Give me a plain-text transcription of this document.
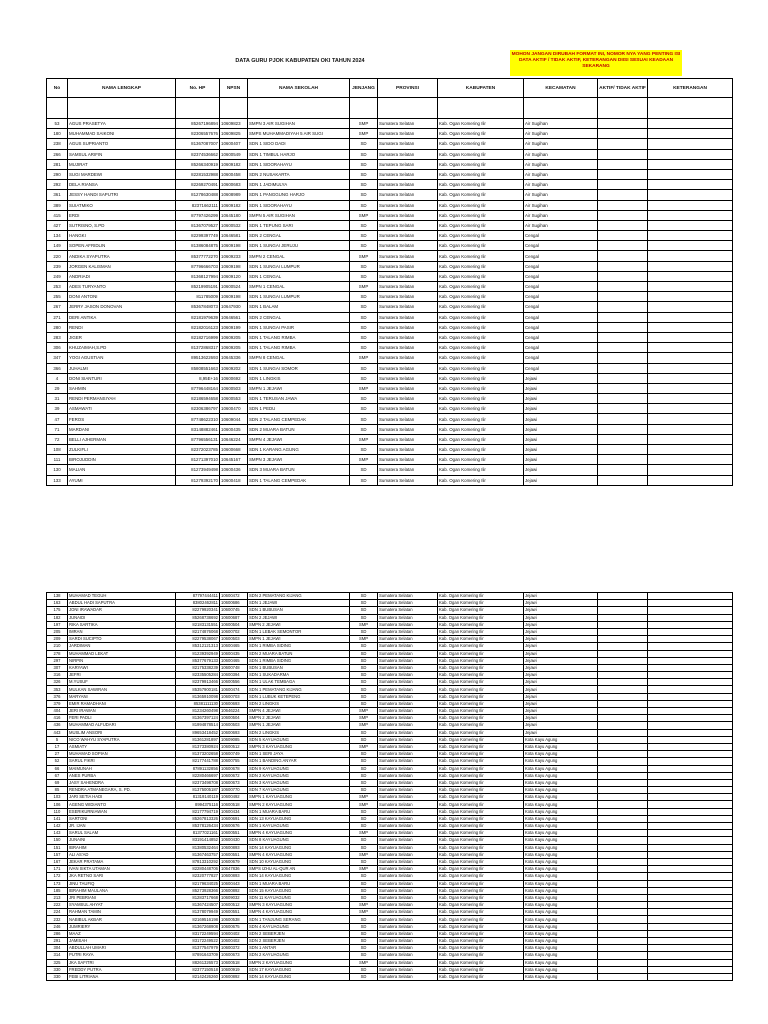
DATA GURU PJOK KABUPATEN OKI TAHUN 2024
MOHON JANGAN DIRUBAH FORMAT INI, NOMOR NYA YANG PENTING ISI DATA AKTIF / TIDAK AKTIF, KETERANGAN DIISI SESUAI KEADAAN SEKARANG
No	NAMA LENGKAP	No. HP	NPSN	NAMA SEKOLAH	JENJANG	PROVINSI	KABUPATEN	KECAMATAN	AKTIF/ TIDAK AKTIF	KETERANGAN

53	AGUS PRASETYA	85267196894	10609823	SMPN 3 AIR SUGIHAN	SMP	Sumatera Selatan	Kab. Ogan Komering Ilir	Air Sugihan		
180	MUHAMMAD SAIKONI	82306557676	10609825	SMPS MUHAMMADIYAH 5 AIR SUGI	SMP	Sumatera Selatan	Kab. Ogan Komering Ilir	Air Sugihan		
238	AGUS SUPRIANTO	81367087007	10600407	SDN 1 SIDO DADI	SD	Sumatera Selatan	Kab. Ogan Komering Ilir	Air Sugihan		
266	SAMSUL ARIFIN	82374536662	10600549	SDN 1 TIMBUL HARJO	SD	Sumatera Selatan	Kab. Ogan Komering Ilir	Air Sugihan		
281	MUJIRAT	85266340919	10609182	SDN 1 SIDORAHAYU	SD	Sumatera Selatan	Kab. Ogan Komering Ilir	Air Sugihan		
290	SUGI MARDEWI	82281532988	10600458	SDN 2 NUSAKARTA	SD	Sumatera Selatan	Kab. Ogan Komering Ilir	Air Sugihan		
292	DELA RIANSA	82269270491	10600683	SDN 1 JADIMULYA	SD	Sumatera Selatan	Kab. Ogan Komering Ilir	Air Sugihan		
361	JESSY HANDI SAPUTRI	81278630488	10608989	SDN 1 PANGGUNG HARJO	SD	Sumatera Selatan	Kab. Ogan Komering Ilir	Air Sugihan		
389	SUIATMIKO	82371662111	10609182	SDN 1 SIDORAHAYU	SD	Sumatera Selatan	Kab. Ogan Komering Ilir	Air Sugihan		
415	ERDI	87797426299	10645180	SMPN 5 AIR SUGIHAN	SMP	Sumatera Selatan	Kab. Ogan Komering Ilir	Air Sugihan		
427	SUTRISNO, S.PD	81367079527	10600532	SDN 1 TEPUNG SARI	SD	Sumatera Selatan	Kab. Ogan Komering Ilir	Air Sugihan		
134	HANGKI	82299397749	10646581	SDN 2 CENGAL	SD	Sumatera Selatan	Kab. Ogan Komering Ilir	Cengal		
149	SOPEN AFRIDLIN	81386084875	10609198	SDN 1 SUNGAI JERUJU	SD	Sumatera Selatan	Kab. Ogan Komering Ilir	Cengal		
220	ANDIKA SYAPUTRA	85377772270	10609233	SMPN 2 CENGAL	SMP	Sumatera Selatan	Kab. Ogan Komering Ilir	Cengal		
239	JORGEN KALISMAN	87796666703	10609198	SDN 1 SUNGAI LUMPUR	SD	Sumatera Selatan	Kab. Ogan Komering Ilir	Cengal		
249	ANDRIADI	81368127994	10609120	SDN 1 CENGAL	SD	Sumatera Selatan	Kab. Ogan Komering Ilir	Cengal		
253	ADES TURYANTO	85219905191	10600524	SMPN 1 CENGAL	SMP	Sumatera Selatan	Kab. Ogan Komering Ilir	Cengal		
255	DONI ANTONI	811785009	10609198	SDN 1 SUNGAI LUMPUR	SD	Sumatera Selatan	Kab. Ogan Komering Ilir	Cengal		
267	JERRY JASON DONOVAN	85367848073	10647930	SDN 1 BALAM	SD	Sumatera Selatan	Kab. Ogan Komering Ilir	Cengal		
271	DERI ANTIKA	82181979639	10646561	SDN 2 CENGAL	SD	Sumatera Selatan	Kab. Ogan Komering Ilir	Cengal		
280	RENDI	82182016123	10609199	SDN 1 SUNGAI PASIR	SD	Sumatera Selatan	Kab. Ogan Komering Ilir	Cengal		
283	JIGER	82182716999	10609205	SDN 1 TALANG RIMBA	SD	Sumatera Selatan	Kab. Ogan Komering Ilir	Cengal		
306	KHUZAIMAH,S.PD	81372868317	10609205	SDN 1 TALANG RIMBA	SD	Sumatera Selatan	Kab. Ogan Komering Ilir	Cengal		
347	YOGI AGUSTIAN	89513622693	10645336	SMPN 8 CENGAL	SMP	Sumatera Selatan	Kab. Ogan Komering Ilir	Cengal		
366	JUHALMI	85808551663	10609202	SDN 1 SUNGAI SOMOR	SD	Sumatera Selatan	Kab. Ogan Komering Ilir	Cengal		
4	DONI SIANTURI	8,95E+16	10600692	SDN 1 LINGKIS	SD	Sumatera Selatan	Kab. Ogan Komering Ilir	Jejawi		
29	SAHMIN	87796448164	10600503	SMPN 1 JEJAWI	SMP	Sumatera Selatan	Kab. Ogan Komering Ilir	Jejawi		
31	RENDI PERMANSIYAH	82186594658	10600553	SDN 1 TERUSAN JAWA	SD	Sumatera Selatan	Kab. Ogan Komering Ilir	Jejawi		
39	ASMAWATI	82306386797	10600470	SDN 1 PEDU	SD	Sumatera Selatan	Kab. Ogan Komering Ilir	Jejawi		
47	FEROS	87748622310	10609044	SDN 2 TALANG CEMPEDAK	SD	Sumatera Selatan	Kab. Ogan Komering Ilir	Jejawi		
71	MARDANI	83148882461	10600435	SDN 2 MUARA BATUN	SD	Sumatera Selatan	Kab. Ogan Komering Ilir	Jejawi		
72	BELLI AJHERMAN	87796556131	10646224	SMPN 4 JEJAWI	SMP	Sumatera Selatan	Kab. Ogan Komering Ilir	Jejawi		
108	ZULKIFLI	82372023785	10600668	SDN 1 KARANG AGUNG	SD	Sumatera Selatan	Kab. Ogan Komering Ilir	Jejawi		
111	BIROJUDDIN	81271397010	10645167	SMPN 3 JEJAWI	SMP	Sumatera Selatan	Kab. Ogan Komering Ilir	Jejawi		
130	MALIAN	81273949498	10600436	SDN 3 MUARA BATUN	SD	Sumatera Selatan	Kab. Ogan Komering Ilir	Jejawi		
133	AYUMI	81279392170	10600418	SDN 1 TALANG CEMPEDAK	SD	Sumatera Selatan	Kab. Ogan Komering Ilir	Jejawi		
138	MUHAMAD TEGUH	87797444411	10600472	SDN 2 PEMATANG KIJANG	SD	Sumatera Selatan	Kab. Ogan Komering Ilir	Jejawi		
163	ABDUL HADI SAPUTRA	83802462811	10600686	SDN 1 JEJAWI	SD	Sumatera Selatan	Kab. Ogan Komering Ilir	Jejawi		
175	JONI IRAWADAR	82279920341	10600745	SDN 1 BUBUSAN	SD	Sumatera Selatan	Kab. Ogan Komering Ilir	Jejawi		
182	JUNAIDI	85268738692	10600687	SDN 2 JEJAWI	SD	Sumatera Selatan	Kab. Ogan Komering Ilir	Jejawi		
197	RIKA SARTIKA	82183131551	10600504	SMPN 2 JEJAWI	SMP	Sumatera Selatan	Kab. Ogan Komering Ilir	Jejawi		
205	IMRAN	82174876068	10600702	SDN 1 LEBAK SEMONTOR	SD	Sumatera Selatan	Kab. Ogan Komering Ilir	Jejawi		
209	SARDI SUCIPTO	82279538067	10600503	SMPN 1 JEJAWI	SMP	Sumatera Selatan	Kab. Ogan Komering Ilir	Jejawi		
210	JARDIMAN	85312121313	10600465	SDN 1 RIMBA SIDING	SD	Sumatera Selatan	Kab. Ogan Komering Ilir	Jejawi		
278	MUHAMMAD LEKAT	81239392949	10600435	SDN 2 MUARA BATUN	SD	Sumatera Selatan	Kab. Ogan Komering Ilir	Jejawi		
297	NIRPIN	85377679133	10600465	SDN 1 RIMBA SIDING	SD	Sumatera Selatan	Kab. Ogan Komering Ilir	Jejawi		
307	KARYAWI	82175338239	10600748	SDN 1 BUBUSAN	SD	Sumatera Selatan	Kab. Ogan Komering Ilir	Jejawi		
316	JEFRI	82335505284	10600394	SDN 1 SUKADARMA	SD	Sumatera Selatan	Kab. Ogan Komering Ilir	Jejawi		
326	M.YUSUF	82379913466	10600556	SDN 1 ULAK TEMBAGA	SD	Sumatera Selatan	Kab. Ogan Komering Ilir	Jejawi		
353	MULKAN SAWIRAN	85357900181	10600474	SDN 1 PEMATANG KIJANG	SD	Sumatera Selatan	Kab. Ogan Komering Ilir	Jejawi		
376	MARYANI	81365910098	10600703	SDN 1 LUBUK KETEPENG	SD	Sumatera Selatan	Kab. Ogan Komering Ilir	Jejawi		
379	EMIR RAMADHANI	85381111130	10600693	SDN 2 LINGKIS	SD	Sumatera Selatan	Kab. Ogan Komering Ilir	Jejawi		
404	JERI IRAWAN	81234260498	10646224	SMPN 4 JEJAWI	SMP	Sumatera Selatan	Kab. Ogan Komering Ilir	Jejawi		
416	FERI PADLI	81367397124	10600504	SMPN 2 JEJAWI	SMP	Sumatera Selatan	Kab. Ogan Komering Ilir	Jejawi		
436	MUHAMMAD ALFUDARI	81994878514	10600503	SMPN 1 JEJAWI	SMP	Sumatera Selatan	Kab. Ogan Komering Ilir	Jejawi		
443	MUSLIM ANSORI	89653418452	10600693	SDN 2 LINGKIS	SD	Sumatera Selatan	Kab. Ogan Komering Ilir	Jejawi		
5	NICO WAHYU SYAPUTRA	81361281897	10609085	SDN 5 KAYUAGUNG	SD	Sumatera Selatan	Kab. Ogan Komering Ilir	Kota Kayu Agung		
17	ASMIATY	81373380924	10600512	SMPN 3 KAYUAGUNG	SMP	Sumatera Selatan	Kab. Ogan Komering Ilir	Kota Kayu Agung		
27	MUHAMAD SOPIAN	81373202658	10600749	SDN 1 SERI JAYA	SD	Sumatera Selatan	Kab. Ogan Komering Ilir	Kota Kayu Agung		
52	SARUL FIKRI	82177441788	10600755	SDN 1 BANDING ANYAR	SD	Sumatera Selatan	Kab. Ogan Komering Ilir	Kota Kayu Agung		
66	MAIMUNAH	87891132856	10600678	SDN 9 KAYUAGUNG	SD	Sumatera Selatan	Kab. Ogan Komering Ilir	Kota Kayu Agung		
67	ANES PURBA	82280466697	10600672	SDN 2 KAYUAGUNG	SD	Sumatera Selatan	Kab. Ogan Komering Ilir	Kota Kayu Agung		
69	JASY SAHENDRA	82373498708	10600673	SDN 3 KAYUAGUNG	SD	Sumatera Selatan	Kab. Ogan Komering Ilir	Kota Kayu Agung		
85	RENDRA ATMANEGARA, S. PD.	81375005187	10600770	SDN 7 KAYUAGUNG	SD	Sumatera Selatan	Kab. Ogan Komering Ilir	Kota Kayu Agung		
103	JARI SETIA HADI	81319140119	10600492	SMPN 1 KAYUAGUNG	SMP	Sumatera Selatan	Kab. Ogan Komering Ilir	Kota Kayu Agung		
106	AGENG WIDIANTO	8994375116	10600518	SMPN 2 KAYUAGUNG	SMP	Sumatera Selatan	Kab. Ogan Komering Ilir	Kota Kayu Agung		
110	ESERIKURNIAWAN	82177794719	10600434	SDN 1 MUARA BARU	SD	Sumatera Selatan	Kab. Ogan Komering Ilir	Kota Kayu Agung		
141	SARTONI	85267813326	10600691	SDN 13 KAYUAGUNG	SD	Sumatera Selatan	Kab. Ogan Komering Ilir	Kota Kayu Agung		
142	JR. IJAN	85378126434	10600676	SDN 1 KAYUAGUNG	SD	Sumatera Selatan	Kab. Ogan Komering Ilir	Kota Kayu Agung		
143	SARUL SALAM	81377021161	10600551	SMPN 4 KAYUAGUNG	SMP	Sumatera Selatan	Kab. Ogan Komering Ilir	Kota Kayu Agung		
150	JUNAINI	83191414852	10600430	SDN 8 KAYUAGUNG	SD	Sumatera Selatan	Kab. Ogan Komering Ilir	Kota Kayu Agung		
151	IBRAHIM	81380532464	10600893	SDN 14 KAYUAGUNG	SD	Sumatera Selatan	Kab. Ogan Komering Ilir	Kota Kayu Agung		
157	ALI AS'AD	81367463757	10600551	SMPN 4 KAYUAGUNG	SMP	Sumatera Selatan	Kab. Ogan Komering Ilir	Kota Kayu Agung		
167	JEKAR PRATAMA	87813310292	10600679	SDN 10 KAYUAGUNG	SD	Sumatera Selatan	Kab. Ogan Komering Ilir	Kota Kayu Agung		
171	IVAN SIKTA UTAMAN	82280448706	10647836	SMPS IZHU AL-QUR AN	SMP	Sumatera Selatan	Kab. Ogan Komering Ilir	Kota Kayu Agung		
172	JKA RETNO SARI	82320777827	10600893	SDN 14 KAYUAGUNG	SD	Sumatera Selatan	Kab. Ogan Komering Ilir	Kota Kayu Agung		
173	JINU TAUFIQ	82179634025	10600443	SDN 1 MUARA BARU	SD	Sumatera Selatan	Kab. Ogan Komering Ilir	Kota Kayu Agung		
185	IBRAHIM MAULANA	85273928366	10600892	SDN 15 KAYUAGUNG	SD	Sumatera Selatan	Kab. Ogan Komering Ilir	Kota Kayu Agung		
213	JRI PEBRIANI	81283717668	10609032	SDN 11 KAYUAGUNG	SD	Sumatera Selatan	Kab. Ogan Komering Ilir	Kota Kayu Agung		
222	SYAMSUL AHYAT	81367424507	10600512	SMPN 3 KAYUAGUNG	SMP	Sumatera Selatan	Kab. Ogan Komering Ilir	Kota Kayu Agung		
224	RAHMAN TAMIN	81378079949	10600551	SMPN 4 KAYUAGUNG	SMP	Sumatera Selatan	Kab. Ogan Komering Ilir	Kota Kayu Agung		
232	NABIBUL AKBAR	82169516198	10600538	SDN 1 TANJUNG SERANG	SD	Sumatera Selatan	Kab. Ogan Komering Ilir	Kota Kayu Agung		
246	JUMRIERY	81367268908	10600675	SDN 4 KAYUAGUNG	SD	Sumatera Selatan	Kab. Ogan Komering Ilir	Kota Kayu Agung		
286	MAAZ	83172249594	10600402	SDN 2 SEBERJEN	SD	Sumatera Selatan	Kab. Ogan Komering Ilir	Kota Kayu Agung		
291	JAMISAH	83172249522	10600402	SDN 2 SEBERJEN	SD	Sumatera Selatan	Kab. Ogan Komering Ilir	Kota Kayu Agung		
304	ABDULLAH UMARI	81377547979	10600372	SDN 1 ANTAR	SD	Sumatera Selatan	Kab. Ogan Komering Ilir	Kota Kayu Agung		
314	PUTRI RAYA	87891643709	10600673	SDN 2 KAYUAGUNG	SD	Sumatera Selatan	Kab. Ogan Komering Ilir	Kota Kayu Agung		
325	JKA SAFITRI	88261326573	10600518	SMPN 2 KAYUAGUNG	SMP	Sumatera Selatan	Kab. Ogan Komering Ilir	Kota Kayu Agung		
330	FREDDY PUTRA	82377150518	10600919	SDN 17 KAYUAGUNG	SD	Sumatera Selatan	Kab. Ogan Komering Ilir	Kota Kayu Agung		
330	FEBI LITRIANA	82142426260	10600892	SDN 14 KAYUAGUNG	SD	Sumatera Selatan	Kab. Ogan Komering Ilir	Kota Kayu Agung		
